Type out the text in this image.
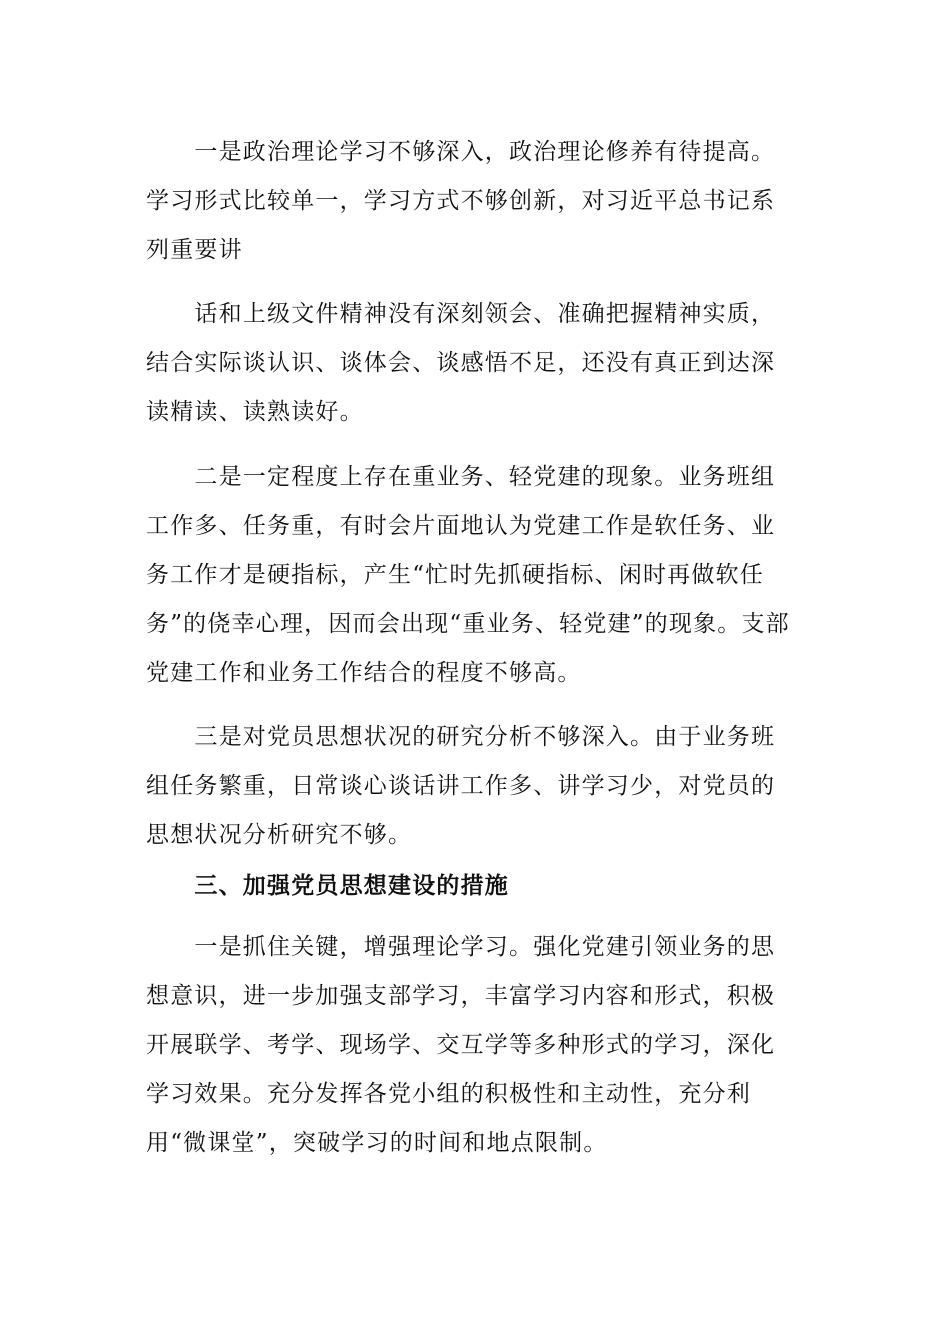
　　一是政治理论学习不够深入，政治理论修养有待提高。学习形式比较单一，学习方式不够创新，对习近平总书记系列重要讲

　　话和上级文件精神没有深刻领会、准确把握精神实质，结合实际谈认识、谈体会、谈感悟不足，还没有真正到达深读精读、读熟读好。

　　二是一定程度上存在重业务、轻党建的现象。业务班组工作多、任务重，有时会片面地认为党建工作是软任务、业务工作才是硬指标，产生“忙时先抓硬指标、闲时再做软任务”的侥幸心理，因而会出现“重业务、轻党建”的现象。支部党建工作和业务工作结合的程度不够高。

　　三是对党员思想状况的研究分析不够深入。由于业务班组任务繁重，日常谈心谈话讲工作多、讲学习少，对党员的思想状况分析研究不够。

　　三、加强党员思想建设的措施

　　一是抓住关键，增强理论学习。强化党建引领业务的思想意识，进一步加强支部学习，丰富学习内容和形式，积极开展联学、考学、现场学、交互学等多种形式的学习，深化学习效果。充分发挥各党小组的积极性和主动性，充分利用“微课堂”，突破学习的时间和地点限制。
